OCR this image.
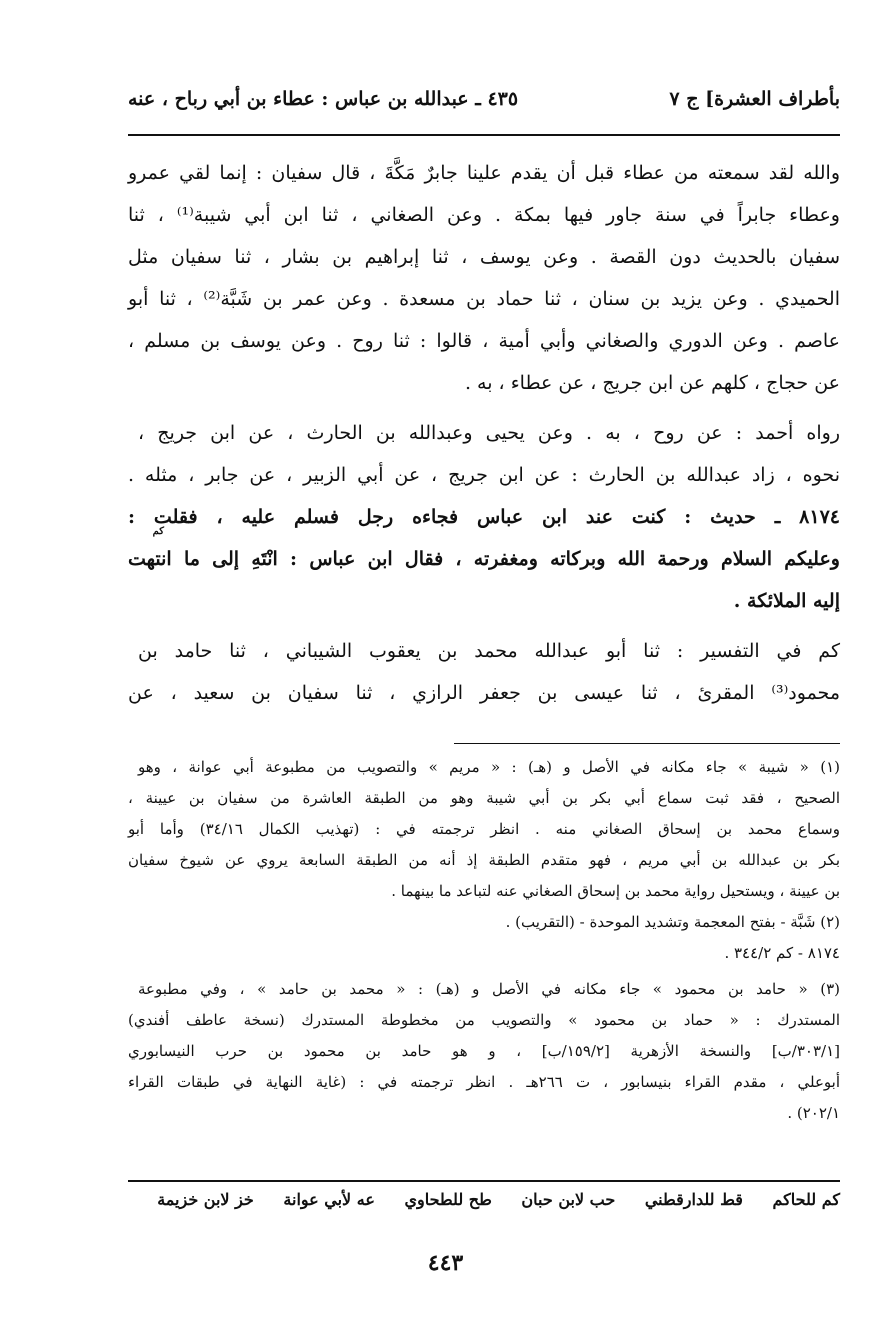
بأطراف العشرة] ج ٧
٤٣٥ ـ عبدالله بن عباس : عطاء بن أبي رباح ، عنه
والله لقد سمعته من عطاء قبل أن يقدم علينا جابرٌ مَكَّةَ ، قال سفيان : إنما لقي عمرو
وعطاء جابراً في سنة جاور فيها بمكة . وعن الصغاني ، ثنا ابن أبي شيبة⁽¹⁾ ، ثنا
سفيان بالحديث دون القصة . وعن يوسف ، ثنا إبراهيم بن بشار ، ثنا سفيان مثل
الحميدي . وعن يزيد بن سنان ، ثنا حماد بن مسعدة . وعن عمر بن شَبَّة⁽²⁾ ، ثنا أبو
عاصم . وعن الدوري والصغاني وأبي أمية ، قالوا : ثنا روح . وعن يوسف بن مسلم ،
عن حجاج ، كلهم عن ابن جريج ، عن عطاء ، به .
رواه أحمد : عن روح ، به . وعن يحيى وعبدالله بن الحارث ، عن ابن جريج ،
نحوه ، زاد عبدالله بن الحارث : عن ابن جريج ، عن أبي الزبير ، عن جابر ، مثله .
٨١٧٤ ـ حديث : كنت عند ابن عباس فجاءه رجل فسلم عليه ، فقلت :
كم
وعليكم السلام ورحمة الله وبركاته ومغفرته ، فقال ابن عباس : انْتَهِ إلى ما انتهت
إليه الملائكة .
كم في التفسير : ثنا أبو عبدالله محمد بن يعقوب الشيباني ، ثنا حامد بن
محمود⁽³⁾ المقرئ ، ثنا عيسى بن جعفر الرازي ، ثنا سفيان بن سعيد ، عن
(١) « شيبة » جاء مكانه في الأصل و (هـ) : « مريم » والتصويب من مطبوعة أبي عوانة ، وهو
الصحيح ، فقد ثبت سماع أبي بكر بن أبي شيبة وهو من الطبقة العاشرة من سفيان بن عيينة ،
وسماع محمد بن إسحاق الصغاني منه . انظر ترجمته في : (تهذيب الكمال ٣٤/١٦) وأما أبو
بكر بن عبدالله بن أبي مريم ، فهو متقدم الطبقة إذ أنه من الطبقة السابعة يروي عن شيوخ سفيان
بن عيينة ، ويستحيل رواية محمد بن إسحاق الصغاني عنه لتباعد ما بينهما .
(٢) شَبَّة - بفتح المعجمة وتشديد الموحدة - (التقريب) .
٨١٧٤ - كم ٣٤٤/٢ .
(٣) « حامد بن محمود » جاء مكانه في الأصل و (هـ) : « محمد بن حامد » ، وفي مطبوعة
المستدرك : « حماد بن محمود » والتصويب من مخطوطة المستدرك (نسخة عاطف أفندي)
[٣٠٣/١/ب] والنسخة الأزهرية [١٥٩/٢/ب] ، و هو حامد بن محمود بن حرب النيسابوري
أبوعلي ، مقدم القراء بنيسابور ، ت ٢٦٦هـ . انظر ترجمته في : (غاية النهاية في طبقات القراء
٢٠٢/١) .
كم للحاكم قط للدارقطني حب لابن حبان طح للطحاوي عه لأبي عوانة خز لابن خزيمة
٤٤٣
